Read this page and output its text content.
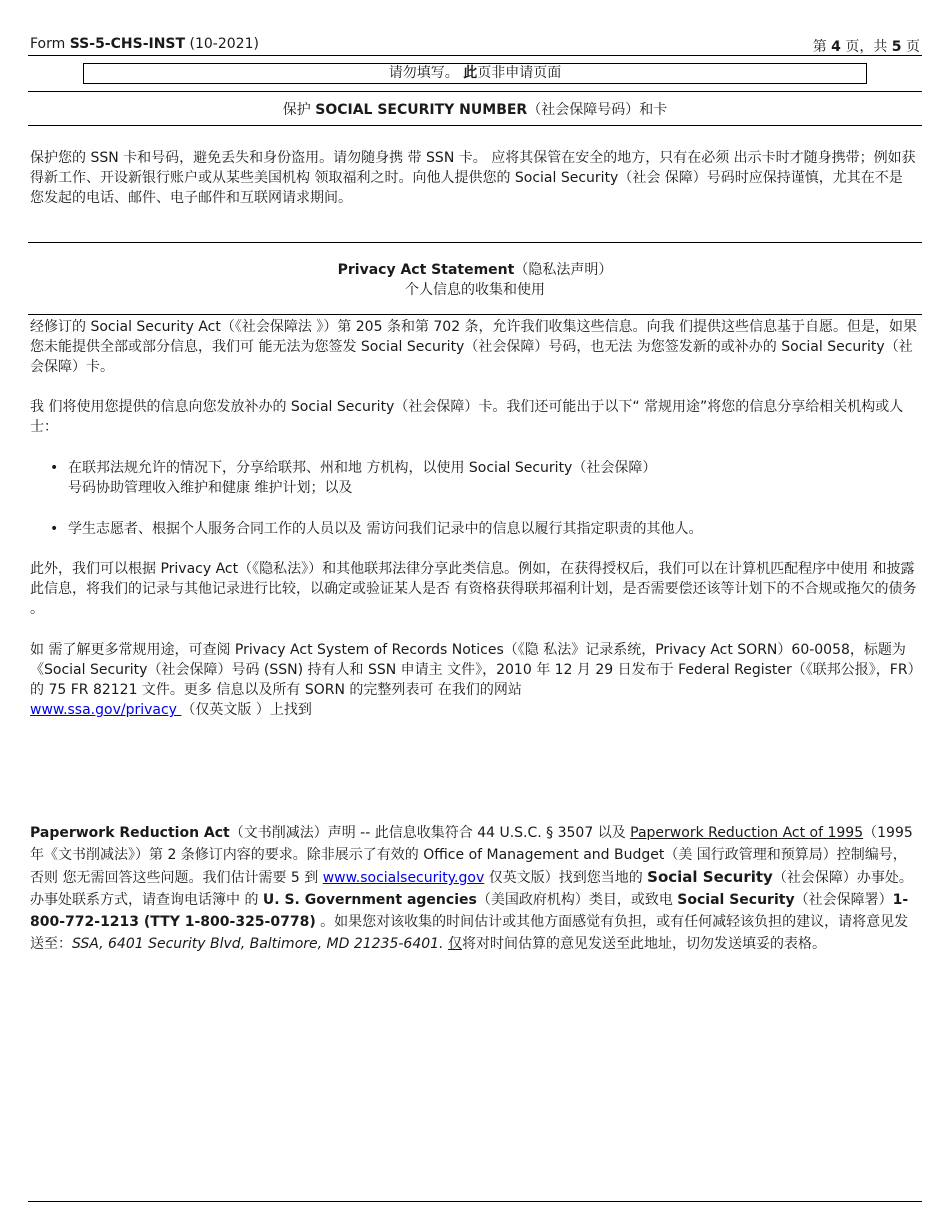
Form SS-5-CHS-INST (10-2021)	第 4 页，共 5 页
请勿填写。 此页非申请页面
保护 SOCIAL SECURITY NUMBER（社会保障号码）和卡
保护您的 SSN 卡和号码，避免丢失和身份盗用。请勿随身携 带 SSN 卡。 应将其保管在安全的地方，只有在必须 出示卡时才随身携带；例如获得新工作、开设新银行账户或从某些美国机构 领取福利之时。向他人提供您的 Social Security（社会 保障）号码时应保持谨慎，尤其在不是 您发起的电话、邮件、电子邮件和互联网请求期间。
Privacy Act Statement（隐私法声明）
个人信息的收集和使用
经修订的 Social Security Act（《社会保障法 》）第 205 条和第 702 条，允许我们收集这些信息。向我 们提供这些信息基于自愿。但是，如果您未能提供全部或部分信息，我们可 能无法为您签发 Social Security（社会保障）号码，也无法 为您签发新的或补办的 Social Security（社会保障）卡。
我 们将使用您提供的信息向您发放补办的 Social Security（社会保障）卡。我们还可能出于以下“ 常规用途”将您的信息分享给相关机构或人士：
• 在联邦法规允许的情况下，分享给联邦、州和地 方机构，以使用 Social Security（社会保障）
号码协助管理收入维护和健康 维护计划；以及
• 学生志愿者、根据个人服务合同工作的人员以及 需访问我们记录中的信息以履行其指定职责的其他人。
此外，我们可以根据 Privacy Act（《隐私法》）和其他联邦法律分享此类信息。例如，在获得授权后，我们可以在计算机匹配程序中使用 和披露此信息，将我们的记录与其他记录进行比较，以确定或验证某人是否 有资格获得联邦福利计划，是否需要偿还该等计划下的不合规或拖欠的债务 。
如 需了解更多常规用途，可查阅 Privacy Act System of Records Notices（《隐 私法》记录系统，Privacy Act SORN）60-0058，标题为《Social Security（社会保障）号码 (SSN) 持有人和 SSN 申请主 文件》，2010 年 12 月 29 日发布于 Federal Register（《联邦公报》，FR）的 75 FR 82121 文件。更多 信息以及所有 SORN 的完整列表可 在我们的网站
www.ssa.gov/privacy （仅英文版 ）上找到
Paperwork Reduction Act（文书削减法）声明 -- 此信息收集符合 44 U.S.C. § 3507 以及 Paperwork Reduction Act of 1995（1995 年《文书削减法》）第 2 条修订内容的要求。除非展示了有效的 Office of Management and Budget（美 国行政管理和预算局）控制编号，否则 您无需回答这些问题。我们估计需要 5 到 www.socialsecurity.gov 仅英文版）找到您当地的 Social Security（社会保障）办事处。办事处联系方式，请查询电话簿中 的 U. S. Government agencies（美国政府机构）类目，或致电 Social Security（社会保障署）1-800-772-1213 (TTY 1-800-325-0778) 。如果您对该收集的时间估计或其他方面感觉有负担，或有任何减轻该负担的建议，请将意见发送至：SSA, 6401 Security Blvd, Baltimore, MD 21235-6401. 仅将对时间估算的意见发送至此地址，切勿发送填妥的表格。
